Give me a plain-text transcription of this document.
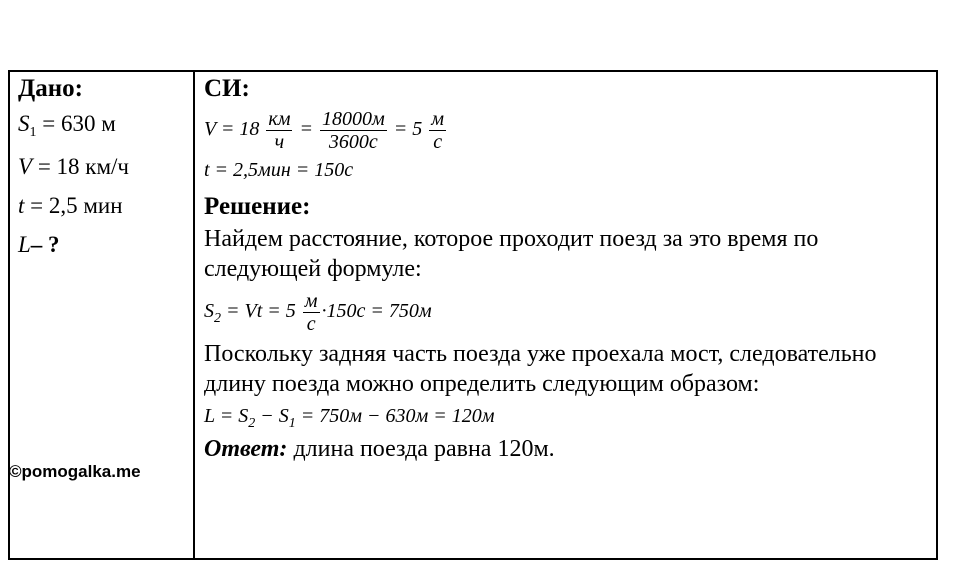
Дано:
$S_1 = 630$ м
V = 18 км/ч
t = 2,5 мин
L– ?
СИ:
V = 18 км
ч
= 18000м
3600с
= 5 м
с
t = 2,5мин = 150с
Решение:
Найдем расстояние, которое проходит поезд за это время по следующей формуле:
$S_2 = Vt = 5$ м
с
·150с = 750м
Поскольку задняя часть поезда уже проехала мост, следовательно длину поезда можно определить следующим образом:
$L = S_2 - S_1 = 750м - 630м = 120м$
Ответ: длина поезда равна 120м.
©pomogalka.me
